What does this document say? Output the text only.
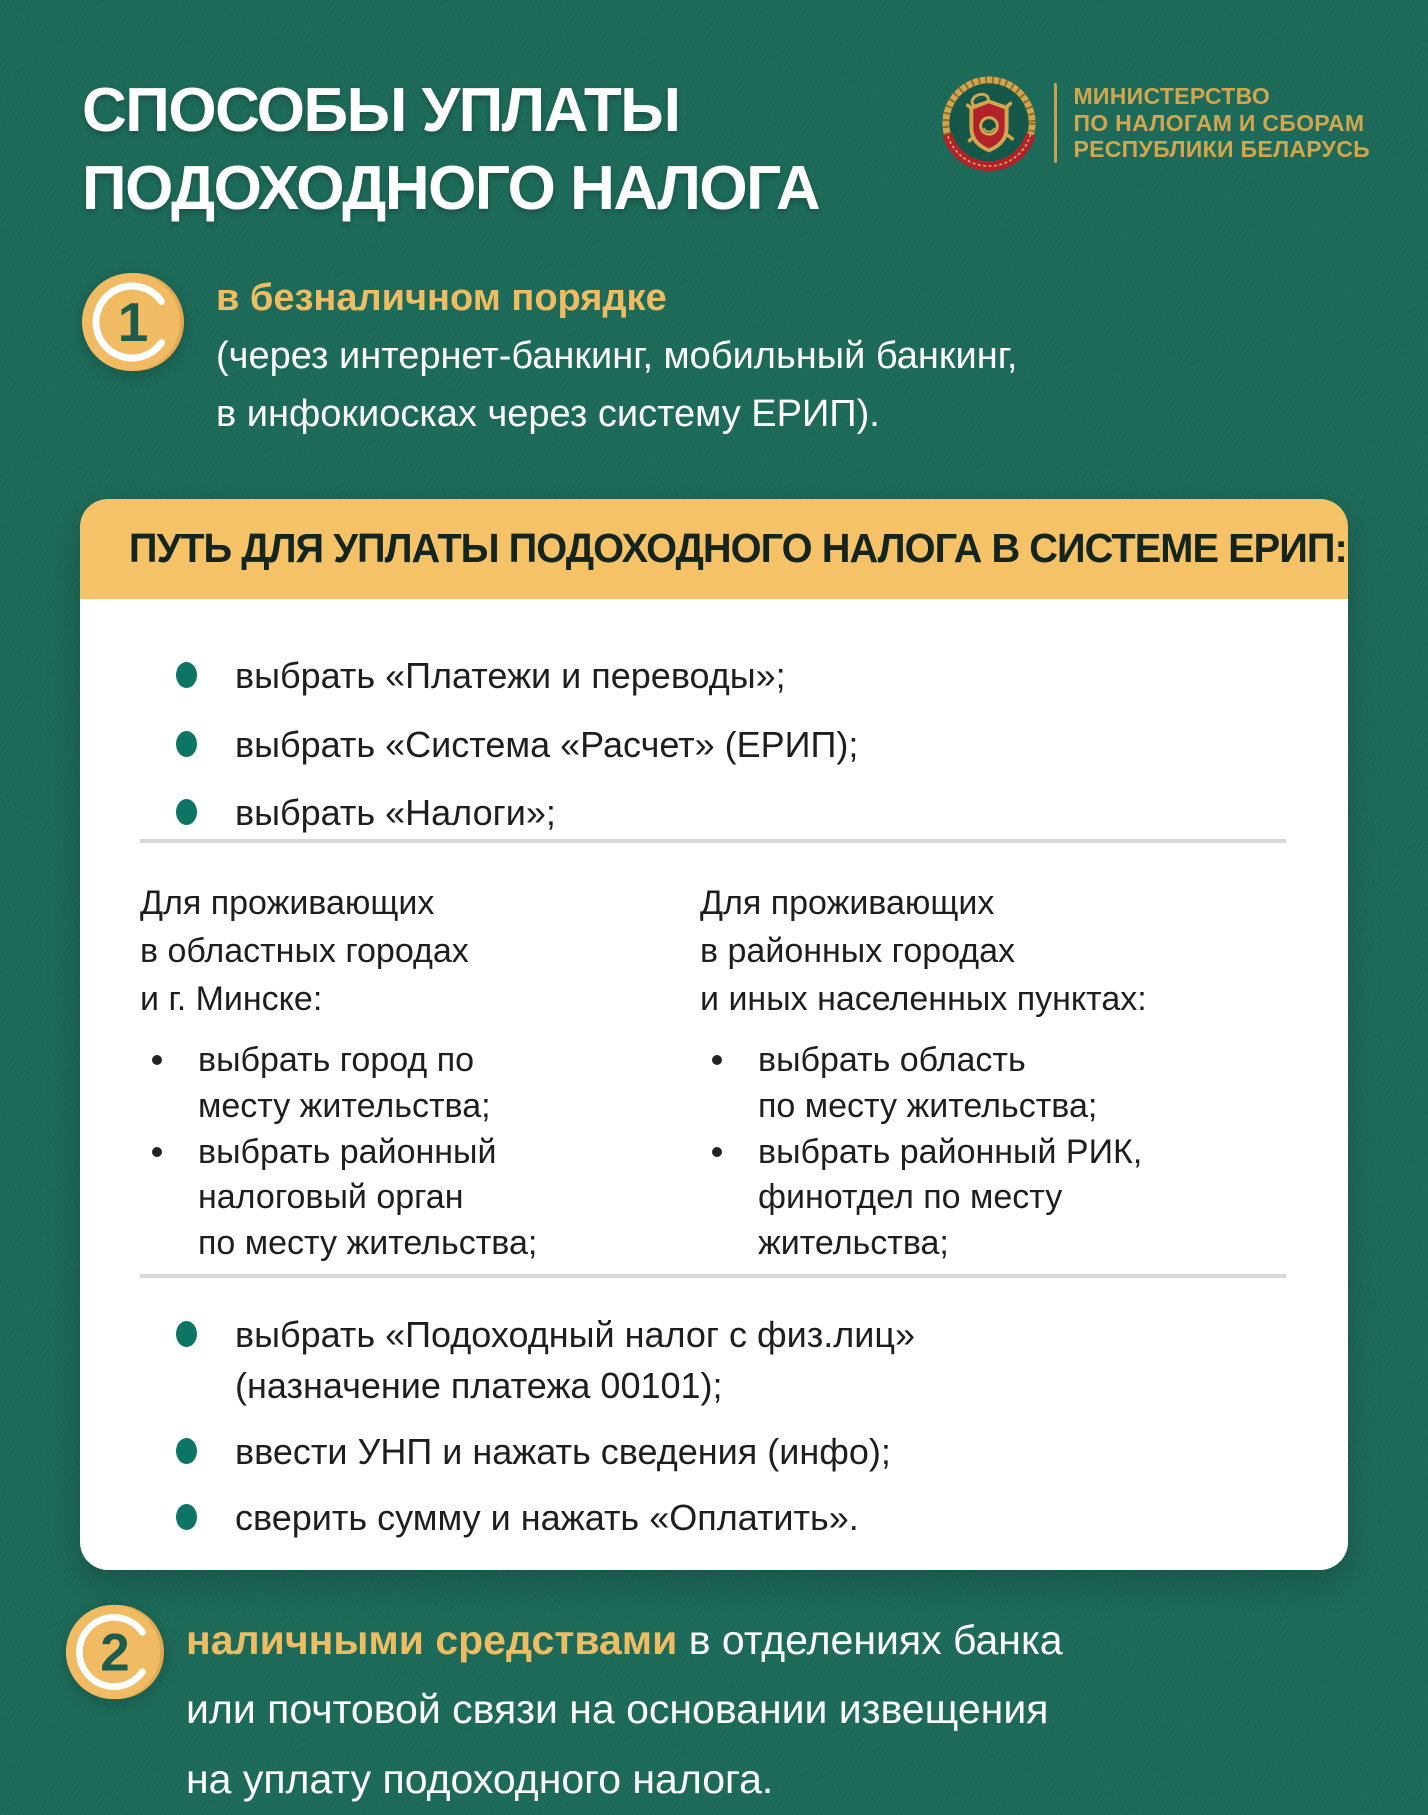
СПОСОБЫ УПЛАТЫ
ПОДОХОДНОГО НАЛОГА
МИНИСТЕРСТВО
ПО НАЛОГАМ И СБОРАМ
РЕСПУБЛИКИ БЕЛАРУСЬ
1 в безналичном порядке
(через интернет-банкинг, мобильный банкинг,
в инфокиосках через систему ЕРИП).
ПУТЬ ДЛЯ УПЛАТЫ ПОДОХОДНОГО НАЛОГА В СИСТЕМЕ ЕРИП:
выбрать «Платежи и переводы»;
выбрать «Система «Расчет» (ЕРИП);
выбрать «Налоги»;
Для проживающих
в областных городах
и г. Минске:
выбрать город по
месту жительства;
выбрать районный
налоговый орган
по месту жительства;
Для проживающих
в районных городах
и иных населенных пунктах:
выбрать область
по месту жительства;
выбрать районный РИК,
финотдел по месту
жительства;
выбрать «Подоходный налог с физ.лиц»
(назначение платежа 00101);
ввести УНП и нажать сведения (инфо);
сверить сумму и нажать «Оплатить».
2 наличными средствами в отделениях банка
или почтовой связи на основании извещения
на уплату подоходного налога.
